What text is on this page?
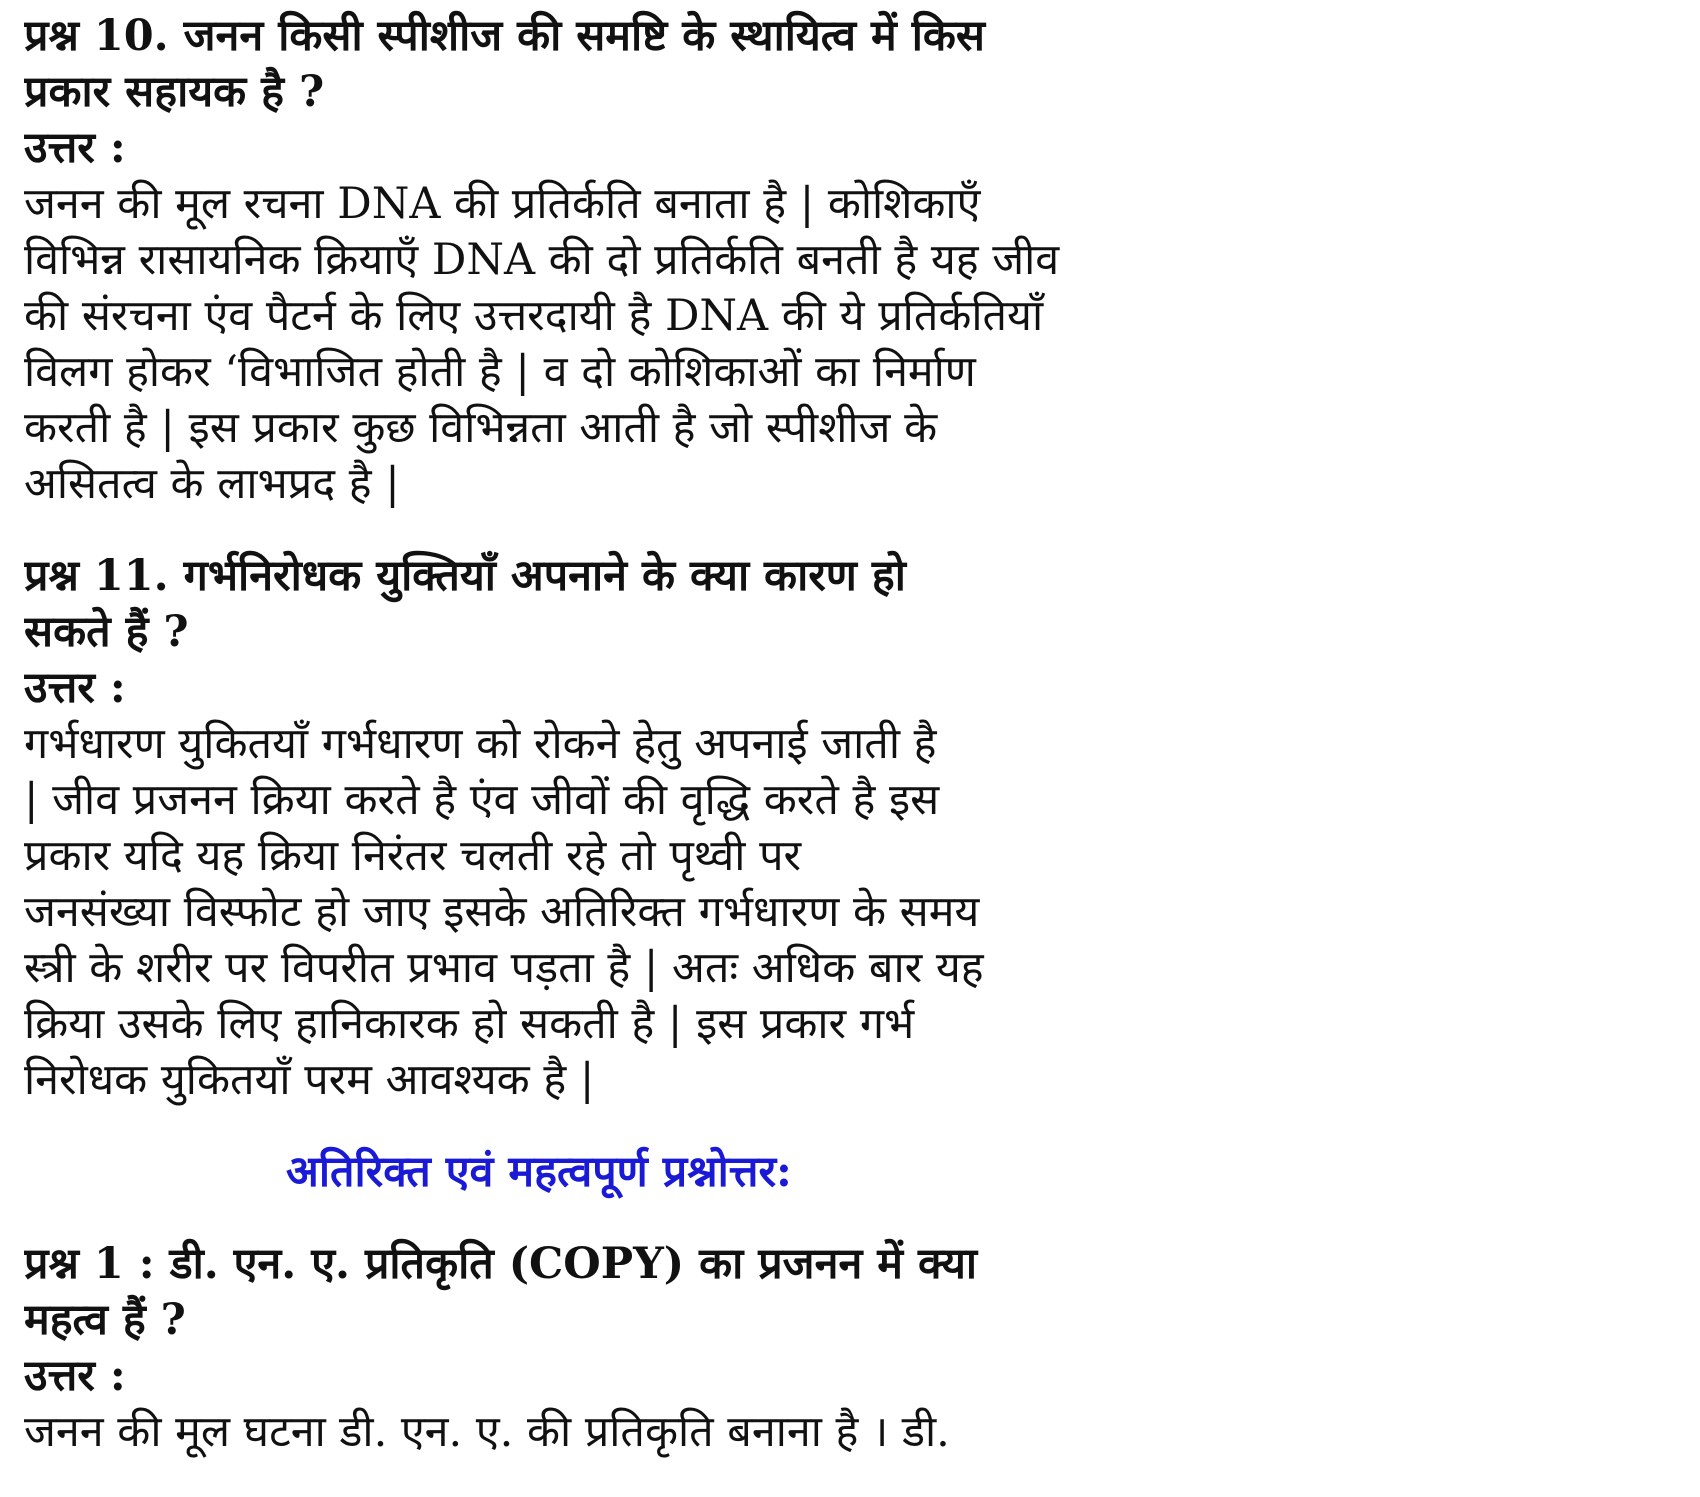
प्रश्न 10. जनन किसी स्पीशीज की समष्टि के स्थायित्व में किस
प्रकार सहायक है ?
उत्तर :
जनन की मूल रचना DNA की प्रतिर्कति बनाता है | कोशिकाएँ
विभिन्न रासायनिक क्रियाएँ DNA की दो प्रतिर्कति बनती है यह जीव
की संरचना एंव पैटर्न के लिए उत्तरदायी है DNA की ये प्रतिर्कतियाँ
विलग होकर ‘विभाजित होती है | व दो कोशिकाओं का निर्माण
करती है | इस प्रकार कुछ विभिन्नता आती है जो स्पीशीज के
असितत्व के लाभप्रद है |
प्रश्न 11. गर्भनिरोधक युक्तियाँ अपनाने के क्या कारण हो
सकते हैं ?
उत्तर :
गर्भधारण युकितयाँ गर्भधारण को रोकने हेतु अपनाई जाती है
| जीव प्रजनन क्रिया करते है एंव जीवों की वृद्धि करते है इस
प्रकार यदि यह क्रिया निरंतर चलती रहे तो पृथ्वी पर
जनसंख्या विस्फोट हो जाए इसके अतिरिक्त गर्भधारण के समय
स्त्री के शरीर पर विपरीत प्रभाव पड़ता है | अतः अधिक बार यह
क्रिया उसके लिए हानिकारक हो सकती है | इस प्रकार गर्भ
निरोधक युकितयाँ परम आवश्यक है |
अतिरिक्त एवं महत्वपूर्ण प्रश्नोत्तर:
प्रश्न 1 : डी. एन. ए. प्रतिकृति (COPY) का प्रजनन में क्या
महत्व हैं ?
उत्तर :
जनन की मूल घटना डी. एन. ए. की प्रतिकृति बनाना है । डी.
